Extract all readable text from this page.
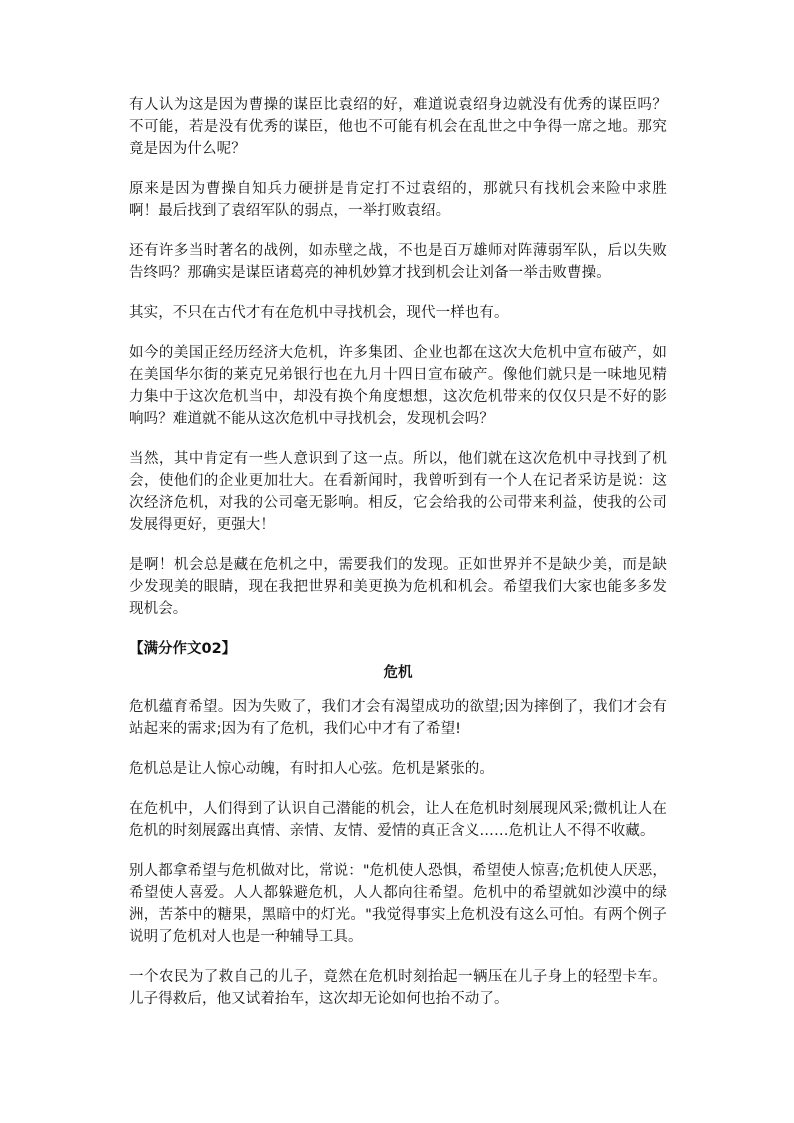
有人认为这是因为曹操的谋臣比袁绍的好，难道说袁绍身边就没有优秀的谋臣吗？不可能，若是没有优秀的谋臣，他也不可能有机会在乱世之中争得一席之地。那究竟是因为什么呢？

原来是因为曹操自知兵力硬拼是肯定打不过袁绍的，那就只有找机会来险中求胜啊！最后找到了袁绍军队的弱点，一举打败袁绍。

还有许多当时著名的战例，如赤壁之战，不也是百万雄师对阵薄弱军队，后以失败告终吗？那确实是谋臣诸葛亮的神机妙算才找到机会让刘备一举击败曹操。

其实，不只在古代才有在危机中寻找机会，现代一样也有。

如今的美国正经历经济大危机，许多集团、企业也都在这次大危机中宣布破产，如在美国华尔街的莱克兄弟银行也在九月十四日宣布破产。像他们就只是一味地见精力集中于这次危机当中，却没有换个角度想想，这次危机带来的仅仅只是不好的影响吗？难道就不能从这次危机中寻找机会，发现机会吗？

当然，其中肯定有一些人意识到了这一点。所以，他们就在这次危机中寻找到了机会，使他们的企业更加壮大。在看新闻时，我曾听到有一个人在记者采访是说：这次经济危机，对我的公司毫无影响。相反，它会给我的公司带来利益，使我的公司发展得更好，更强大！

是啊！机会总是藏在危机之中，需要我们的发现。正如世界并不是缺少美，而是缺少发现美的眼睛，现在我把世界和美更换为危机和机会。希望我们大家也能多多发现机会。

【满分作文02】
危机

危机蕴育希望。因为失败了，我们才会有渴望成功的欲望;因为摔倒了，我们才会有站起来的需求;因为有了危机，我们心中才有了希望!

危机总是让人惊心动魄，有时扣人心弦。危机是紧张的。

在危机中，人们得到了认识自己潜能的机会，让人在危机时刻展现风采;微机让人在危机的时刻展露出真情、亲情、友情、爱情的真正含义……危机让人不得不收藏。

别人都拿希望与危机做对比，常说："危机使人恐惧，希望使人惊喜;危机使人厌恶，希望使人喜爱。人人都躲避危机，人人都向往希望。危机中的希望就如沙漠中的绿洲，苦茶中的糖果，黑暗中的灯光。"我觉得事实上危机没有这么可怕。有两个例子说明了危机对人也是一种辅导工具。

一个农民为了救自己的儿子，竟然在危机时刻抬起一辆压在儿子身上的轻型卡车。儿子得救后，他又试着抬车，这次却无论如何也抬不动了。
